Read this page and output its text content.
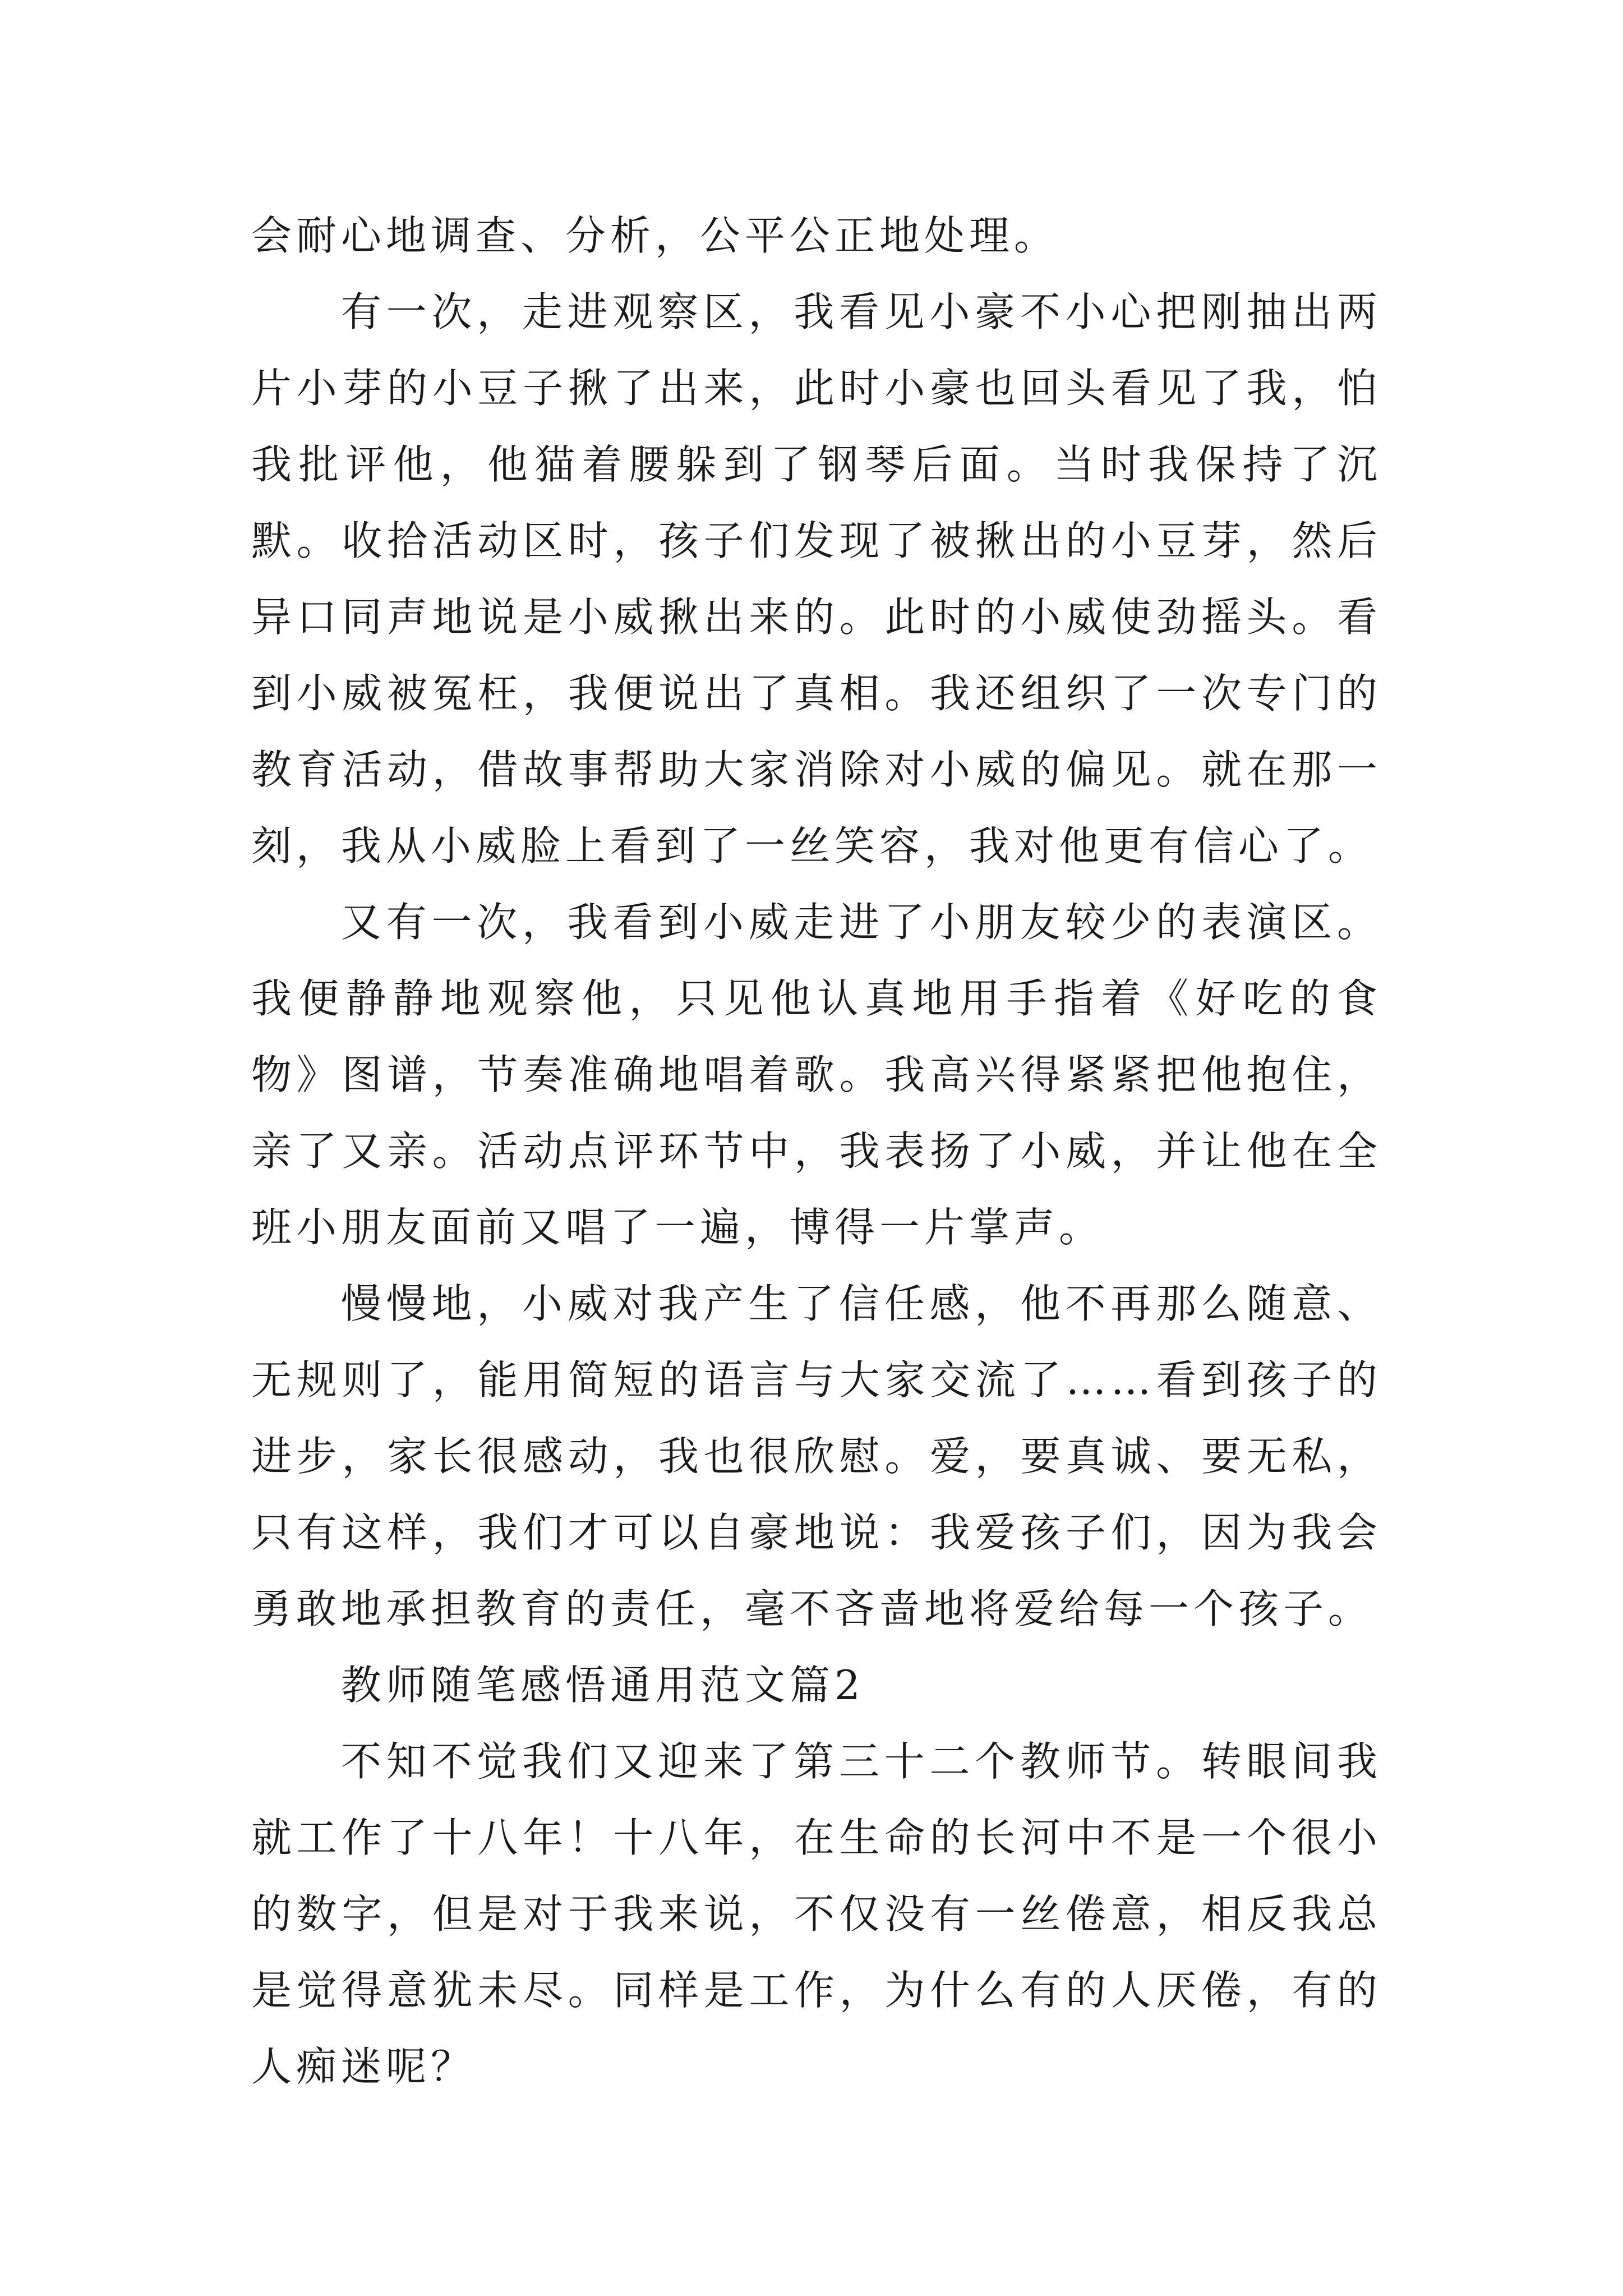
会耐心地调查、分析，公平公正地处理。

有一次，走进观察区，我看见小豪不小心把刚抽出两片小芽的小豆子揪了出来，此时小豪也回头看见了我，怕我批评他，他猫着腰躲到了钢琴后面。当时我保持了沉默。收拾活动区时，孩子们发现了被揪出的小豆芽，然后异口同声地说是小威揪出来的。此时的小威使劲摇头。看到小威被冤枉，我便说出了真相。我还组织了一次专门的教育活动，借故事帮助大家消除对小威的偏见。就在那一刻，我从小威脸上看到了一丝笑容，我对他更有信心了。

又有一次，我看到小威走进了小朋友较少的表演区。我便静静地观察他，只见他认真地用手指着《好吃的食物》图谱，节奏准确地唱着歌。我高兴得紧紧把他抱住，亲了又亲。活动点评环节中，我表扬了小威，并让他在全班小朋友面前又唱了一遍，博得一片掌声。

慢慢地，小威对我产生了信任感，他不再那么随意、无规则了，能用简短的语言与大家交流了……看到孩子的进步，家长很感动，我也很欣慰。爱，要真诚、要无私，只有这样，我们才可以自豪地说：我爱孩子们，因为我会勇敢地承担教育的责任，毫不吝啬地将爱给每一个孩子。

教师随笔感悟通用范文篇2

不知不觉我们又迎来了第三十二个教师节。转眼间我就工作了十八年！十八年，在生命的长河中不是一个很小的数字，但是对于我来说，不仅没有一丝倦意，相反我总是觉得意犹未尽。同样是工作，为什么有的人厌倦，有的人痴迷呢？
